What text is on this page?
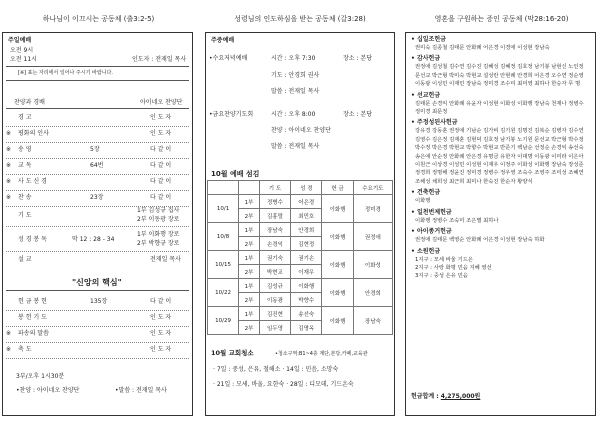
하나님이 이끄시는 공동체 (출3:2-5)
주일예배
오전 9시
오전 11시	인도자 : 전재일 목사
[※] 표는 자리에서 일어나 주시기 바랍니다.
찬양과 경배	아이네오 찬양단
경 고	인 도 자
※ 평화의 인사	인 도 자
※ 송 영	5장	다 같 이
※ 교 독	64번	다 같 이
※ 사 도 신 경	다 같 이
※ 찬 송	23장	다 같 이
기 도
1부 김성규 집사
2부 이동광 장로
성 경 봉 독	막 12 : 28 - 34
1부 이화행 장로
2부 박향규 장로
설 교	전재일 목사
"신앙의 핵심"
헌 금 봉 헌	135장	다 같 이
봉 헌 기 도	인 도 자
※ 파송의 말씀	인 도 자
※ 축 도	인 도 자
3부/오후 1시30분
•찬양 : 아이네오 찬양단	•말씀 : 전재일 목사
성령님의 인도하심을 받는 공동체 (갈3:28)
주중예배
•수요저녁예배	시간 : 오후 7:30	장소 : 본당
기도 : 안경희 권사
말씀 : 전재일 목사
•금요찬양기도회	시간 : 오후 8:00	장소 : 본당
찬양 : 아이네오 찬양단
말씀 : 전재일 목사
10월 예배 섬김
		기 도	성 경	헌 금	수요기도
10/1	1부	정병수	어은경	이화행	정미경
	2부	김홍렬	최민호		
10/8	1부	장남숙	안경희	이화행	권정애
	2부	손경익	김현정		
10/15	1부	권기숙	권기손	이화행	이화성
	2부	박현교	이재우		
10/22	1부	김성규	이화행	이화행	안경희
	2부	이동광	박향수		
10/29	1부	김진현	송선숙	이화행	장남숙
	2부	임두영	김명옥		
10월 교회청소	•청소구역:B1~4층 계단,본당,카페,교육관
· 7일 : 중성, 은유, 철해소 · 14일 : 민음, 소망숙
· 21일 : 모세, 바울, 요한숙 · 28일 : 디모데, 기드온숙
영혼을 구원하는 증인 공동체 (막28:16-20)
• 십일조헌금
권미숙 김종철 김태문 안화례 어은경 이경애 이성현 장남숙
• 감사헌금
권정애 김성철 김수연 김수진 김혜성 김혜정 김호정 남기봉 남현신 노인정 문선교 박근형 박미숙 박현교 설성란 안현례 안경희 어은경 오수연 정순영 이동광 이성민 이재민 장남숙 정미경 조수미 최미영 최하나 한승자 무 명
• 선교헌금
김태문 손경익 안화례 유윤자 이성현 이화성 이화행 장남숙 천재나 정병수 정미경 최문정
• 주정성된사헌금
강유경 강동훈 권정애 기남순 김가비 김기원 김명진 김복순 김병자 김수연 김영수 김은정 김재훈 김현덕 김호정 남기봉 노기원 문선교 박근형 박수정 박수정 박은경 박현교 박향수 박현교 반준기 백남순 선정순 손경익 송선숙 송은애 안순정 안화례 안은경 유명금 유한자 이대명 이동광 이미라 이은아 이원근 이상경 이성민 이성현 이재우 이정주 이화성 이화행 장남숙 장성준 정경희 정명해 정윤진 정미경 정병수 정우영 조숙수 조영주 조미성 조혜연 조해성 채희성 최근희 최미나 한숙진 한순자 황양식
• 건축헌금
이화행
• 일천번제헌금
이화행 정병수 조숙미 조은별 최하나
• 아이종거헌금
권정애 김태문 백영순 안화례 어은경 이성현 장남숙 하화
• 소원헌금
1지구 : 모세 바울 기드온
2지구 : 사랑 화평 민음 지혜 영선
3지구 : 중성 은유 민음
헌금합계 : 4,275,000원
